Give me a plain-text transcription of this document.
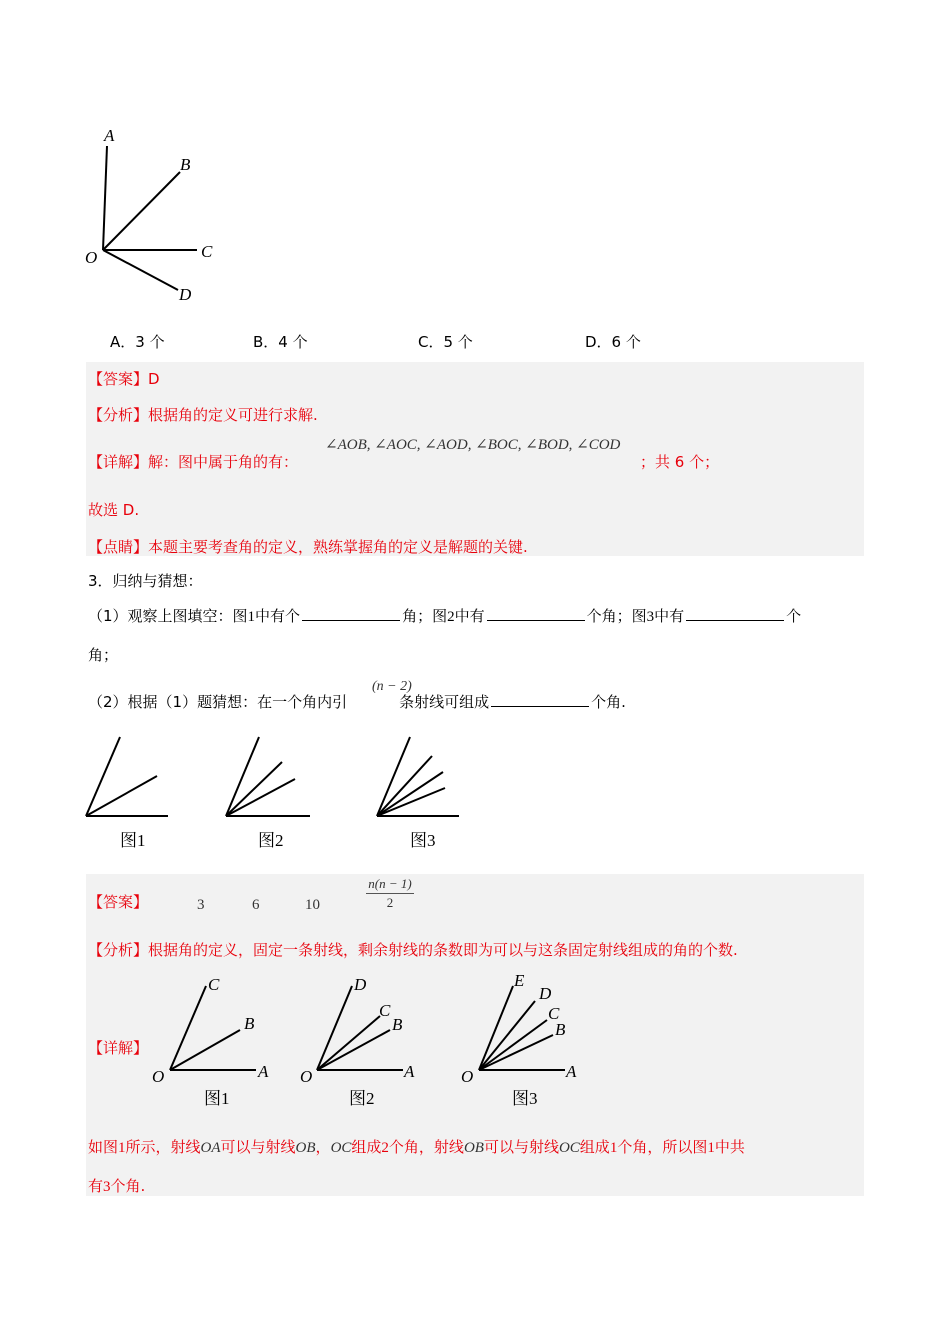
A
B
C
O
D
A．3 个	B．4 个	C．5 个	D．6 个
【答案】D
【分析】根据角的定义可进行求解.
【详解】解：图中属于角的有：
∠AOB, ∠AOC, ∠AOD, ∠BOC, ∠BOD, ∠COD
；共 6 个；
故选 D.
【点睛】本题主要考查角的定义，熟练掌握角的定义是解题的关键.
3．归纳与猜想：
（1）观察上图填空：图1中有个	角；图2中有	个角；图3中有	个
角；
（2）根据（1）题猜想：在一个角内引	条射线可组成	个角.
(n − 2)
图1	图2	图3
【答案】	3	6	10
n(n − 1)
2
【分析】根据角的定义，固定一条射线，剩余射线的条数即为可以与这条固定射线组成的角的个数.
【详解】
C
B
O	A
图1
D
C
B
O	A
图2
E
D
C
B
O	A
图3
如图1所示，射线OA可以与射线OB，OC组成2个角，射线OB可以与射线OC组成1个角，所以图1中共
有3个角.
